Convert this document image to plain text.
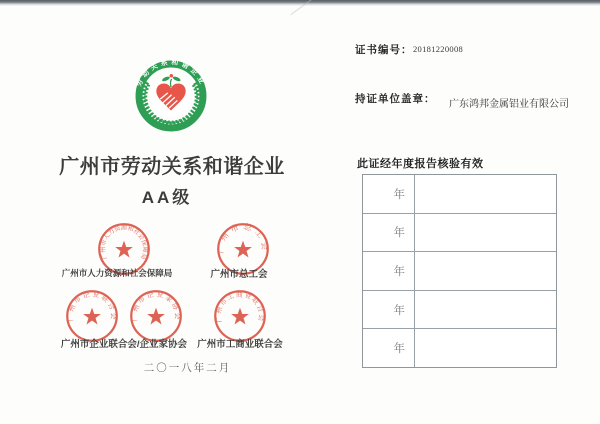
劳动关系和谐企业
广州市劳动关系和谐企业
AA级
广州市人力资源和社会保障局
广州市总工会
广州市企业联合会 广州市企业家协会	广州市工商业联合会
广州市人力资源和社会保障局	广州市总工会
广州市企业联合会/企业家协会	广州市工商业联合会
二〇一八年二月
证书编号： 20181220008
持证单位盖章： 广东鸿邦金属铝业有限公司
此证经年度报告核验有效
年
年
年
年
年
